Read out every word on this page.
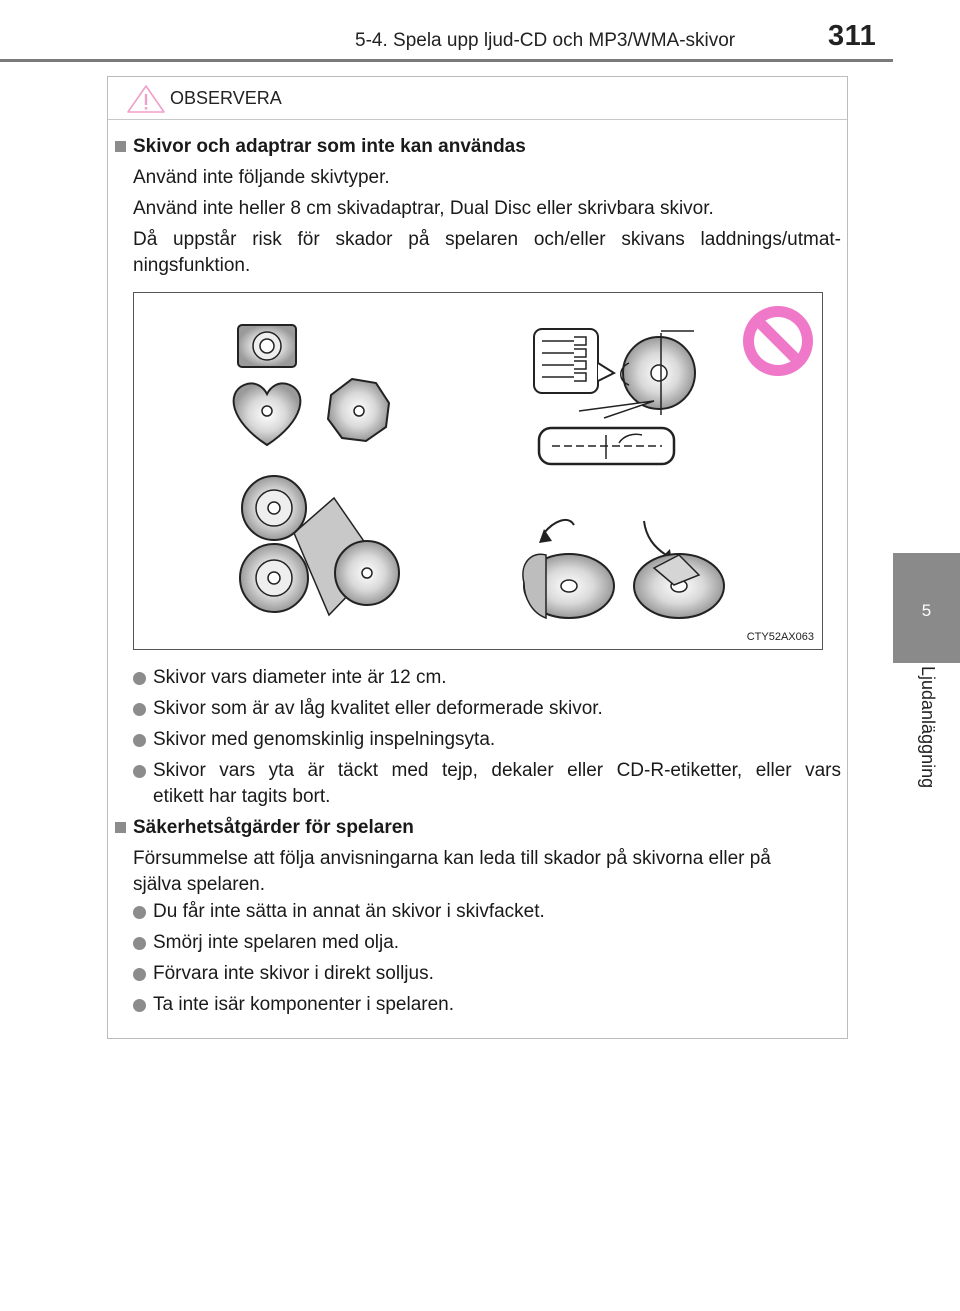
5-4. Spela upp ljud-CD och MP3/WMA-skivor	311
5
Ljudanläggning
OBSERVERA
Skivor och adaptrar som inte kan användas
Använd inte följande skivtyper.
Använd inte heller 8 cm skivadaptrar, Dual Disc eller skrivbara skivor.
Då uppstår risk för skador på spelaren och/eller skivans laddnings/utmat-
ningsfunktion.
CTY52AX063
Skivor vars diameter inte är 12 cm.
Skivor som är av låg kvalitet eller deformerade skivor.
Skivor med genomskinlig inspelningsyta.
Skivor vars yta är täckt med tejp, dekaler eller CD-R-etiketter, eller vars
etikett har tagits bort.
Säkerhetsåtgärder för spelaren
Försummelse att följa anvisningarna kan leda till skador på skivorna eller på
själva spelaren.
Du får inte sätta in annat än skivor i skivfacket.
Smörj inte spelaren med olja.
Förvara inte skivor i direkt solljus.
Ta inte isär komponenter i spelaren.
